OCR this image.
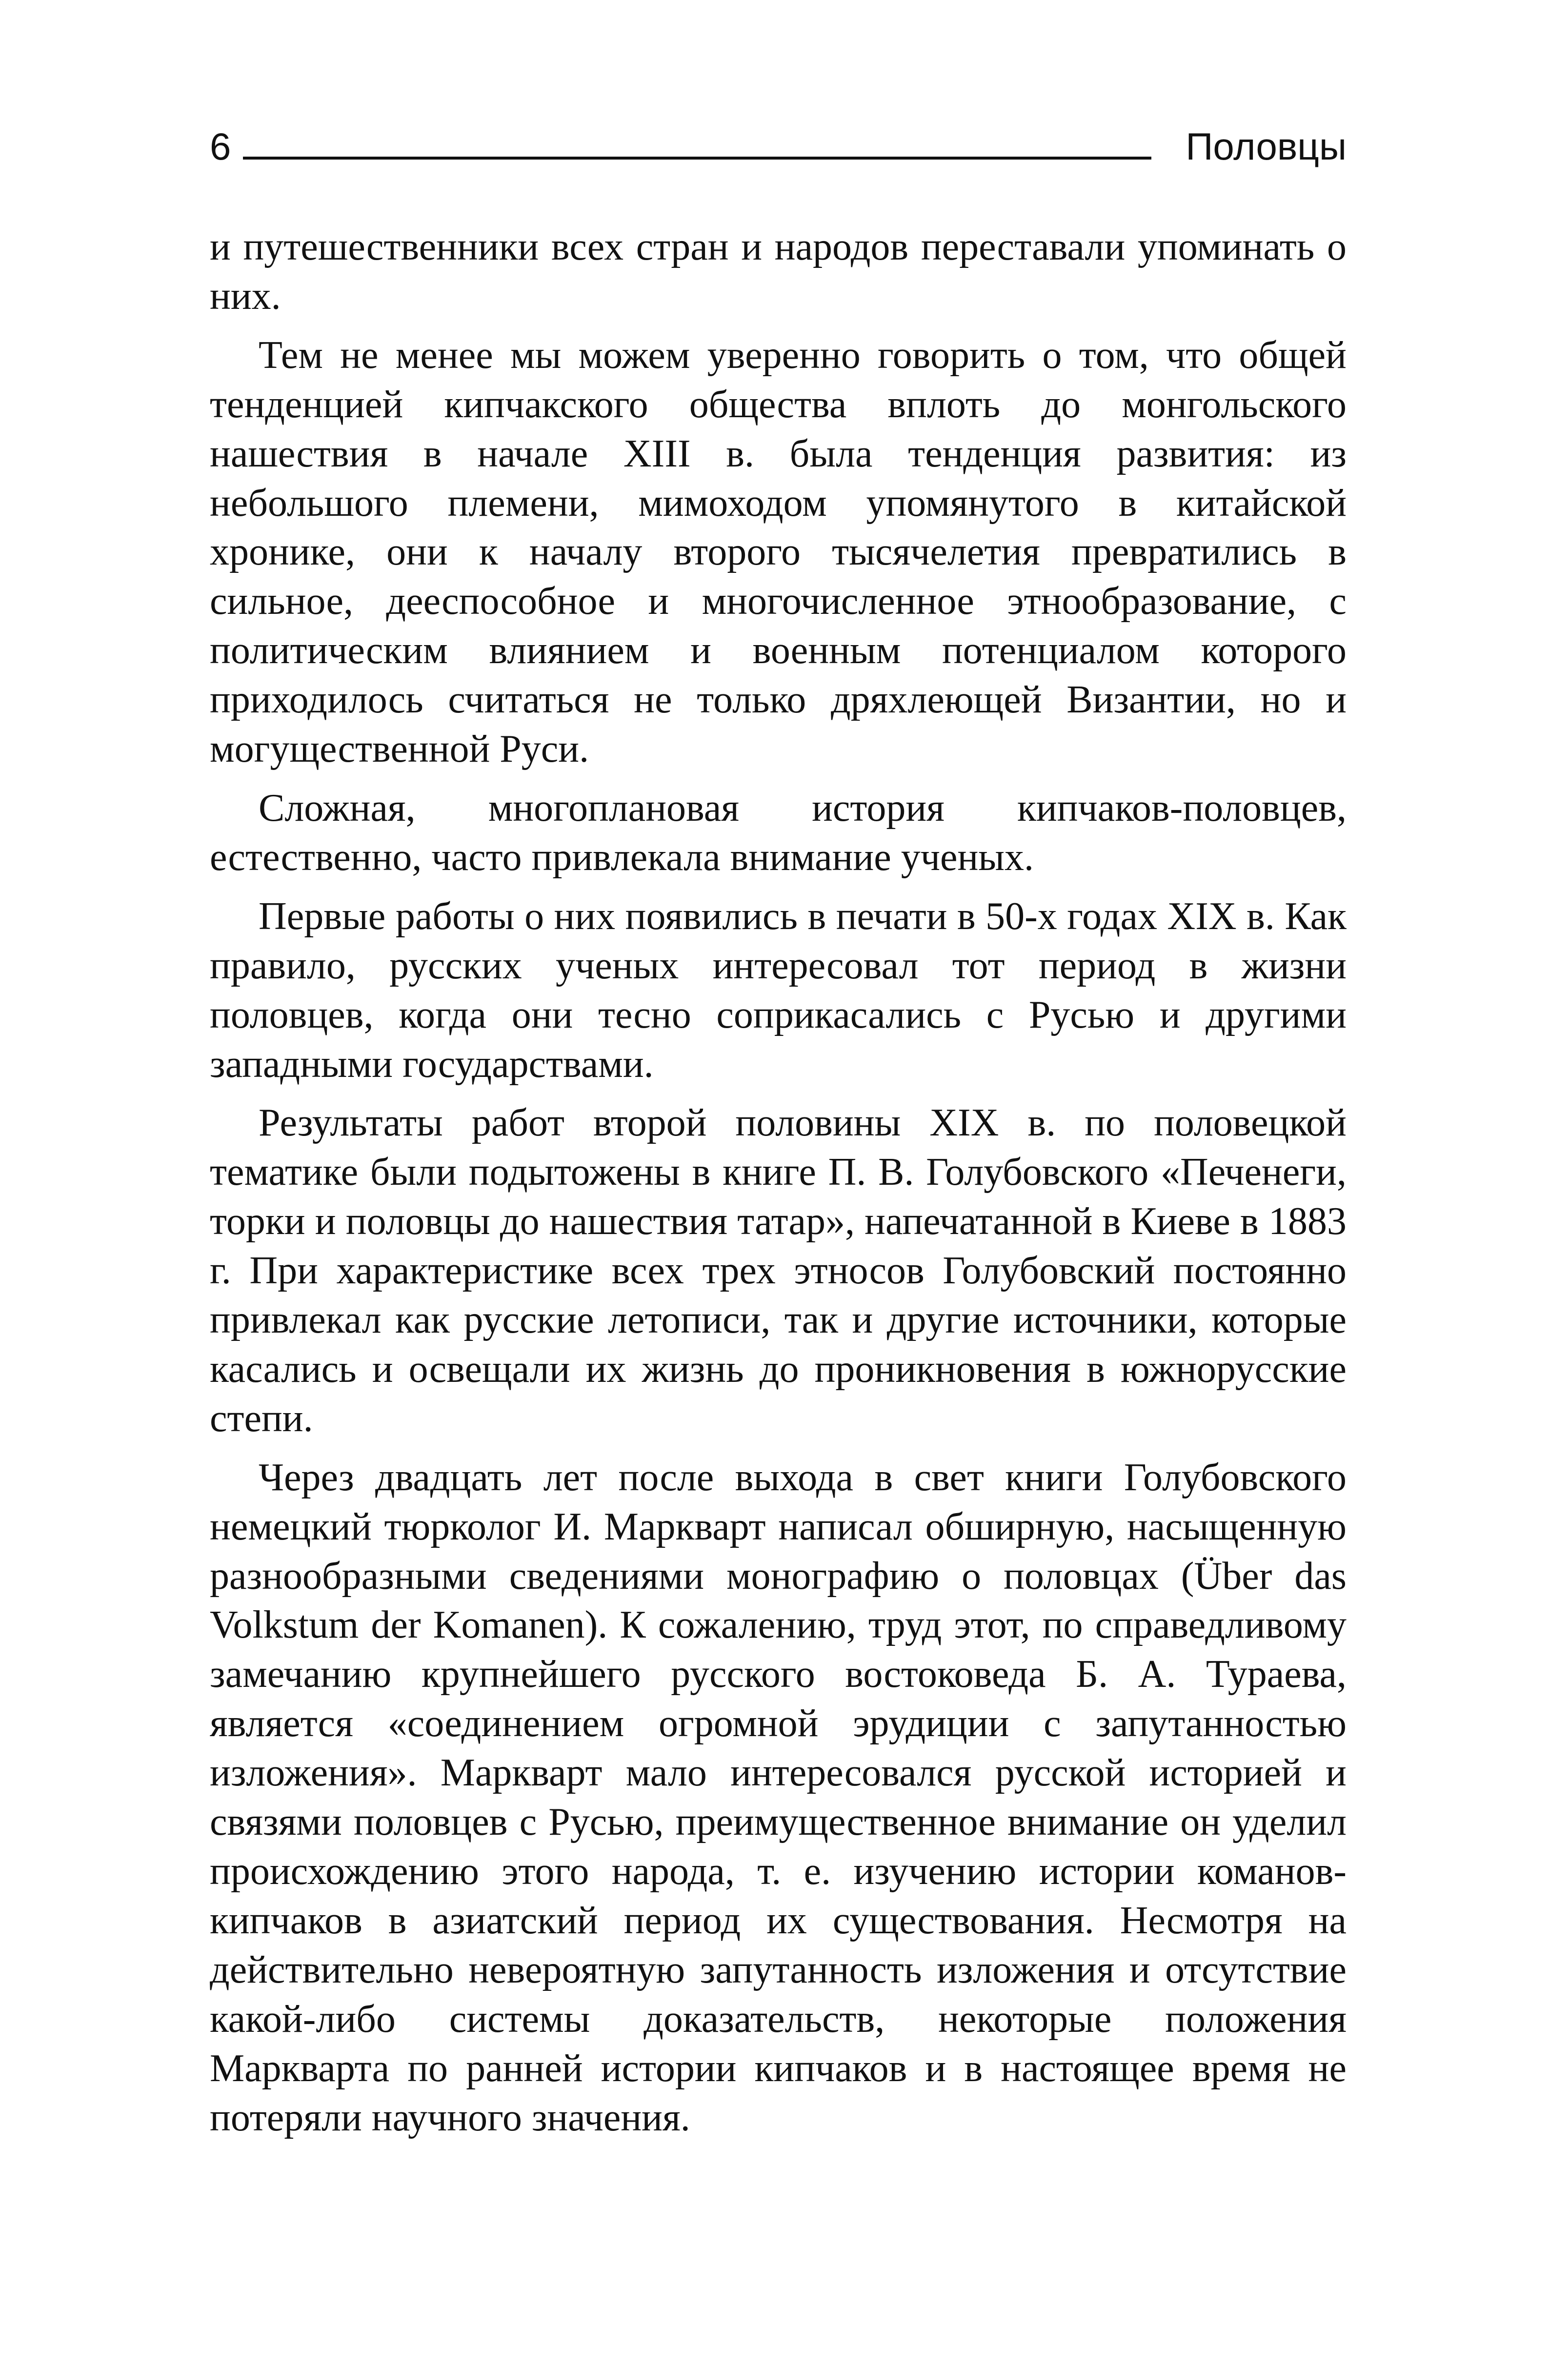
6	Половцы

и путешественники всех стран и народов переставали упоминать о них.

Тем не менее мы можем уверенно говорить о том, что общей тенденцией кипчакского общества вплоть до монгольского нашествия в начале XIII в. была тенденция развития: из небольшого племени, мимоходом упомянутого в китайской хронике, они к началу второго тысячелетия превратились в сильное, дееспособное и многочисленное этнообразование, с политическим влиянием и военным потенциалом которого приходилось считаться не только дряхлеющей Византии, но и могущественной Руси.

Сложная, многоплановая история кипчаков-половцев, естественно, часто привлекала внимание ученых.

Первые работы о них появились в печати в 50-х годах XIX в. Как правило, русских ученых интересовал тот период в жизни половцев, когда они тесно соприкасались с Русью и другими западными государствами.

Результаты работ второй половины XIX в. по половецкой тематике были подытожены в книге П. В. Голубовского «Печенеги, торки и половцы до нашествия татар», напечатанной в Киеве в 1883 г. При характеристике всех трех этносов Голубовский постоянно привлекал как русские летописи, так и другие источники, которые касались и освещали их жизнь до проникновения в южнорусские степи.

Через двадцать лет после выхода в свет книги Голубовского немецкий тюрколог И. Маркварт написал обширную, насыщенную разнообразными сведениями монографию о половцах (Über das Volkstum der Komanen). К сожалению, труд этот, по справедливому замечанию крупнейшего русского востоковеда Б. А. Тураева, является «соединением огромной эрудиции с запутанностью изложения». Маркварт мало интересовался русской историей и связями половцев с Русью, преимущественное внимание он уделил происхождению этого народа, т. е. изучению истории команов-кипчаков в азиатский период их существования. Несмотря на действительно невероятную запутанность изложения и отсутствие какой-либо системы доказательств, некоторые положения Маркварта по ранней истории кипчаков и в настоящее время не потеряли научного значения.
